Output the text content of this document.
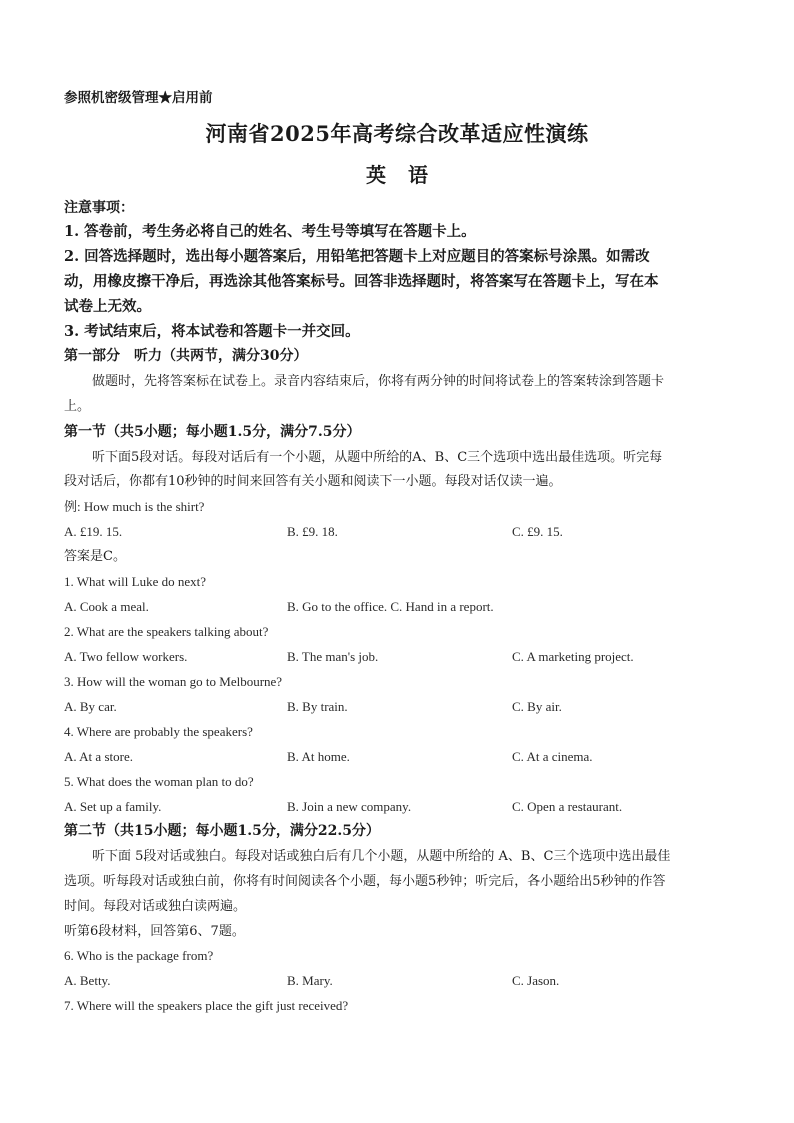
参照机密级管理★启用前
河南省2025年高考综合改革适应性演练
英语
注意事项：
1. 答卷前，考生务必将自己的姓名、考生号等填写在答题卡上。
2. 回答选择题时，选出每小题答案后，用铅笔把答题卡上对应题目的答案标号涂黑。如需改
动，用橡皮擦干净后，再选涂其他答案标号。回答非选择题时，将答案写在答题卡上，写在本
试卷上无效。
3. 考试结束后，将本试卷和答题卡一并交回。
第一部分　听力（共两节，满分30分）
做题时，先将答案标在试卷上。录音内容结束后，你将有两分钟的时间将试卷上的答案转涂到答题卡
上。
第一节（共5小题；每小题1.5分，满分7.5分）
听下面5段对话。每段对话后有一个小题，从题中所给的A、B、C三个选项中选出最佳选项。听完每
段对话后，你都有10秒钟的时间来回答有关小题和阅读下一小题。每段对话仅读一遍。
例: How much is the shirt?
A. £19. 15.	B. £9. 18.	C. £9. 15.
答案是C。
1. What will Luke do next?
A. Cook a meal.	B. Go to the office. C. Hand in a report.
2. What are the speakers talking about?
A. Two fellow workers.	B. The man's job.	C. A marketing project.
3. How will the woman go to Melbourne?
A. By car.	B. By train.	C. By air.
4. Where are probably the speakers?
A. At a store.	B. At home.	C. At a cinema.
5. What does the woman plan to do?
A. Set up a family.	B. Join a new company.	C. Open a restaurant.
第二节（共15小题；每小题1.5分，满分22.5分）
听下面 5段对话或独白。每段对话或独白后有几个小题，从题中所给的 A、B、C三个选项中选出最佳
选项。听每段对话或独白前，你将有时间阅读各个小题，每小题5秒钟；听完后，各小题给出5秒钟的作答
时间。每段对话或独白读两遍。
听第6段材料，回答第6、7题。
6. Who is the package from?
A. Betty.	B. Mary.	C. Jason.
7. Where will the speakers place the gift just received?
